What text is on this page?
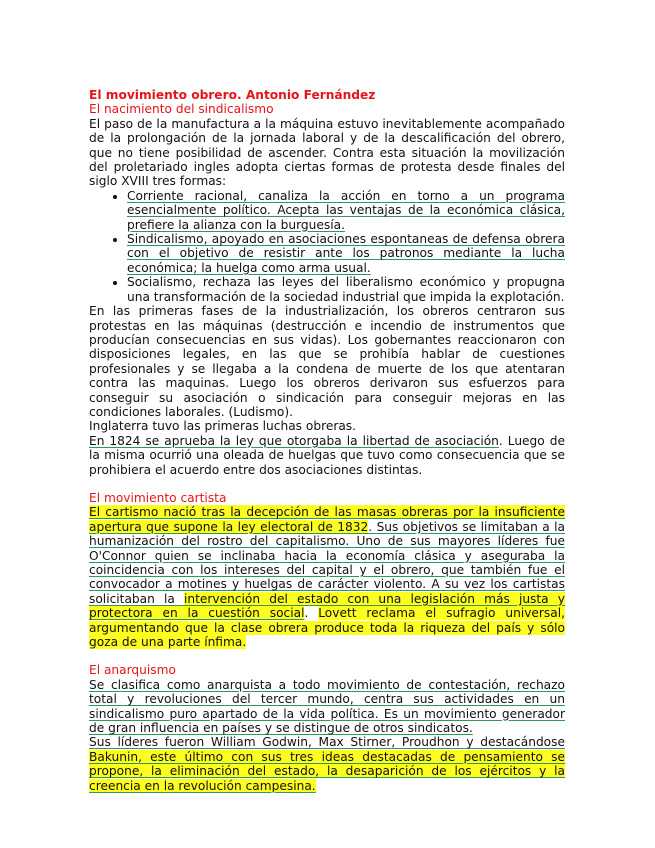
El movimiento obrero. Antonio Fernández

El nacimiento del sindicalismo

El paso de la manufactura a la máquina estuvo inevitablemente acompañado de la prolongación de la jornada laboral y de la descalificación del obrero, que no tiene posibilidad de ascender. Contra esta situación la movilización del proletariado ingles adopta ciertas formas de protesta desde finales del siglo XVIII tres formas:

• Corriente racional, canaliza la acción en torno a un programa esencialmente político. Acepta las ventajas de la económica clásica, prefiere la alianza con la burguesía.
• Sindicalismo, apoyado en asociaciones espontaneas de defensa obrera con el objetivo de resistir ante los patronos mediante la lucha económica; la huelga como arma usual.
• Socialismo, rechaza las leyes del liberalismo económico y propugna una transformación de la sociedad industrial que impida la explotación.

En las primeras fases de la industrialización, los obreros centraron sus protestas en las máquinas (destrucción e incendio de instrumentos que producían consecuencias en sus vidas). Los gobernantes reaccionaron con disposiciones legales, en las que se prohibía hablar de cuestiones profesionales y se llegaba a la condena de muerte de los que atentaran contra las maquinas. Luego los obreros derivaron sus esfuerzos para conseguir su asociación o sindicación para conseguir mejoras en las condiciones laborales. (Ludismo).

Inglaterra tuvo las primeras luchas obreras.

En 1824 se aprueba la ley que otorgaba la libertad de asociación. Luego de la misma ocurrió una oleada de huelgas que tuvo como consecuencia que se prohibiera el acuerdo entre dos asociaciones distintas.

El movimiento cartista

El cartismo nació tras la decepción de las masas obreras por la insuficiente apertura que supone la ley electoral de 1832. Sus objetivos se limitaban a la humanización del rostro del capitalismo. Uno de sus mayores líderes fue O'Connor quien se inclinaba hacia la economía clásica y aseguraba la coincidencia con los intereses del capital y el obrero, que también fue el convocador a motines y huelgas de carácter violento. A su vez los cartistas solicitaban la intervención del estado con una legislación más justa y protectora en la cuestión social. Lovett reclama el sufragio universal, argumentando que la clase obrera produce toda la riqueza del país y sólo goza de una parte ínfima.

El anarquismo

Se clasifica como anarquista a todo movimiento de contestación, rechazo total y revoluciones del tercer mundo, centra sus actividades en un sindicalismo puro apartado de la vida política. Es un movimiento generador de gran influencia en países y se distingue de otros sindicatos.

Sus líderes fueron William Godwin, Max Stirner, Proudhon y destacándose Bakunin, este último con sus tres ideas destacadas de pensamiento se propone, la eliminación del estado, la desaparición de los ejércitos y la creencia en la revolución campesina.
